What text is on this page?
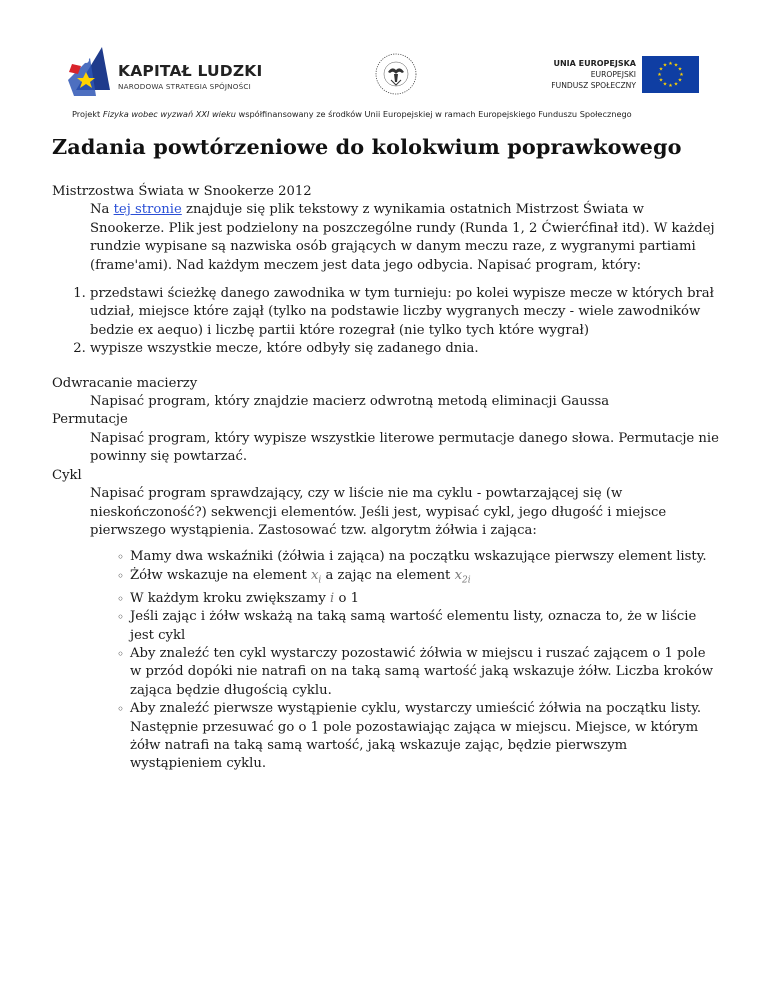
KAPITAŁ LUDZKI
NARODOWA STRATEGIA SPÓJNOŚCI
UNIA EUROPEJSKA
EUROPEJSKI
FUNDUSZ SPOŁECZNY
★ ★
★
★
★
★
★
★
★
★
★
★
Projekt Fizyka wobec wyzwań XXI wieku współfinansowany ze środków Unii Europejskiej w ramach Europejskiego Funduszu Społecznego
Zadania powtórzeniowe do kolokwium poprawkowego
Mistrzostwa Świata w Snookerze 2012
Na tej stronie znajduje się plik tekstowy z wynikamia ostatnich Mistrzost Świata w Snookerze. Plik jest podzielony na poszczególne rundy (Runda 1, 2 Ćwierćfinał itd). W każdej rundzie wypisane są nazwiska osób grających w danym meczu raze, z wygranymi partiami (frame'ami). Nad każdym meczem jest data jego odbycia. Napisać program, który:
1. przedstawi ścieżkę danego zawodnika w tym turnieju: po kolei wypisze mecze w których brał udział, miejsce które zajął (tylko na podstawie liczby wygranych meczy - wiele zawodników bedzie ex aequo) i liczbę partii które rozegrał (nie tylko tych które wygrał)
2. wypisze wszystkie mecze, które odbyły się zadanego dnia.
Odwracanie macierzy
Napisać program, który znajdzie macierz odwrotną metodą eliminacji Gaussa
Permutacje
Napisać program, który wypisze wszystkie literowe permutacje danego słowa. Permutacje nie powinny się powtarzać.
Cykl
Napisać program sprawdzający, czy w liście nie ma cyklu - powtarzającej się (w nieskończoność?) sekwencji elementów. Jeśli jest, wypisać cykl, jego długość i miejsce pierwszego wystąpienia. Zastosować tzw. algorytm żółwia i zająca:
◦ Mamy dwa wskaźniki (żółwia i zająca) na początku wskazujące pierwszy element listy.
◦ Żółw wskazuje na element $x_i$ a zając na element $x_{2i}$
◦ W każdym kroku zwiększamy i o 1
◦ Jeśli zając i żółw wskażą na taką samą wartość elementu listy, oznacza to, że w liście jest cykl
◦ Aby znaleźć ten cykl wystarczy pozostawić żółwia w miejscu i ruszać zającem o 1 pole w przód dopóki nie natrafi on na taką samą wartość jaką wskazuje żółw. Liczba kroków zająca będzie długością cyklu.
◦ Aby znaleźć pierwsze wystąpienie cyklu, wystarczy umieścić żółwia na początku listy. Następnie przesuwać go o 1 pole pozostawiając zająca w miejscu. Miejsce, w którym żółw natrafi na taką samą wartość, jaką wskazuje zając, będzie pierwszym wystąpieniem cyklu.
